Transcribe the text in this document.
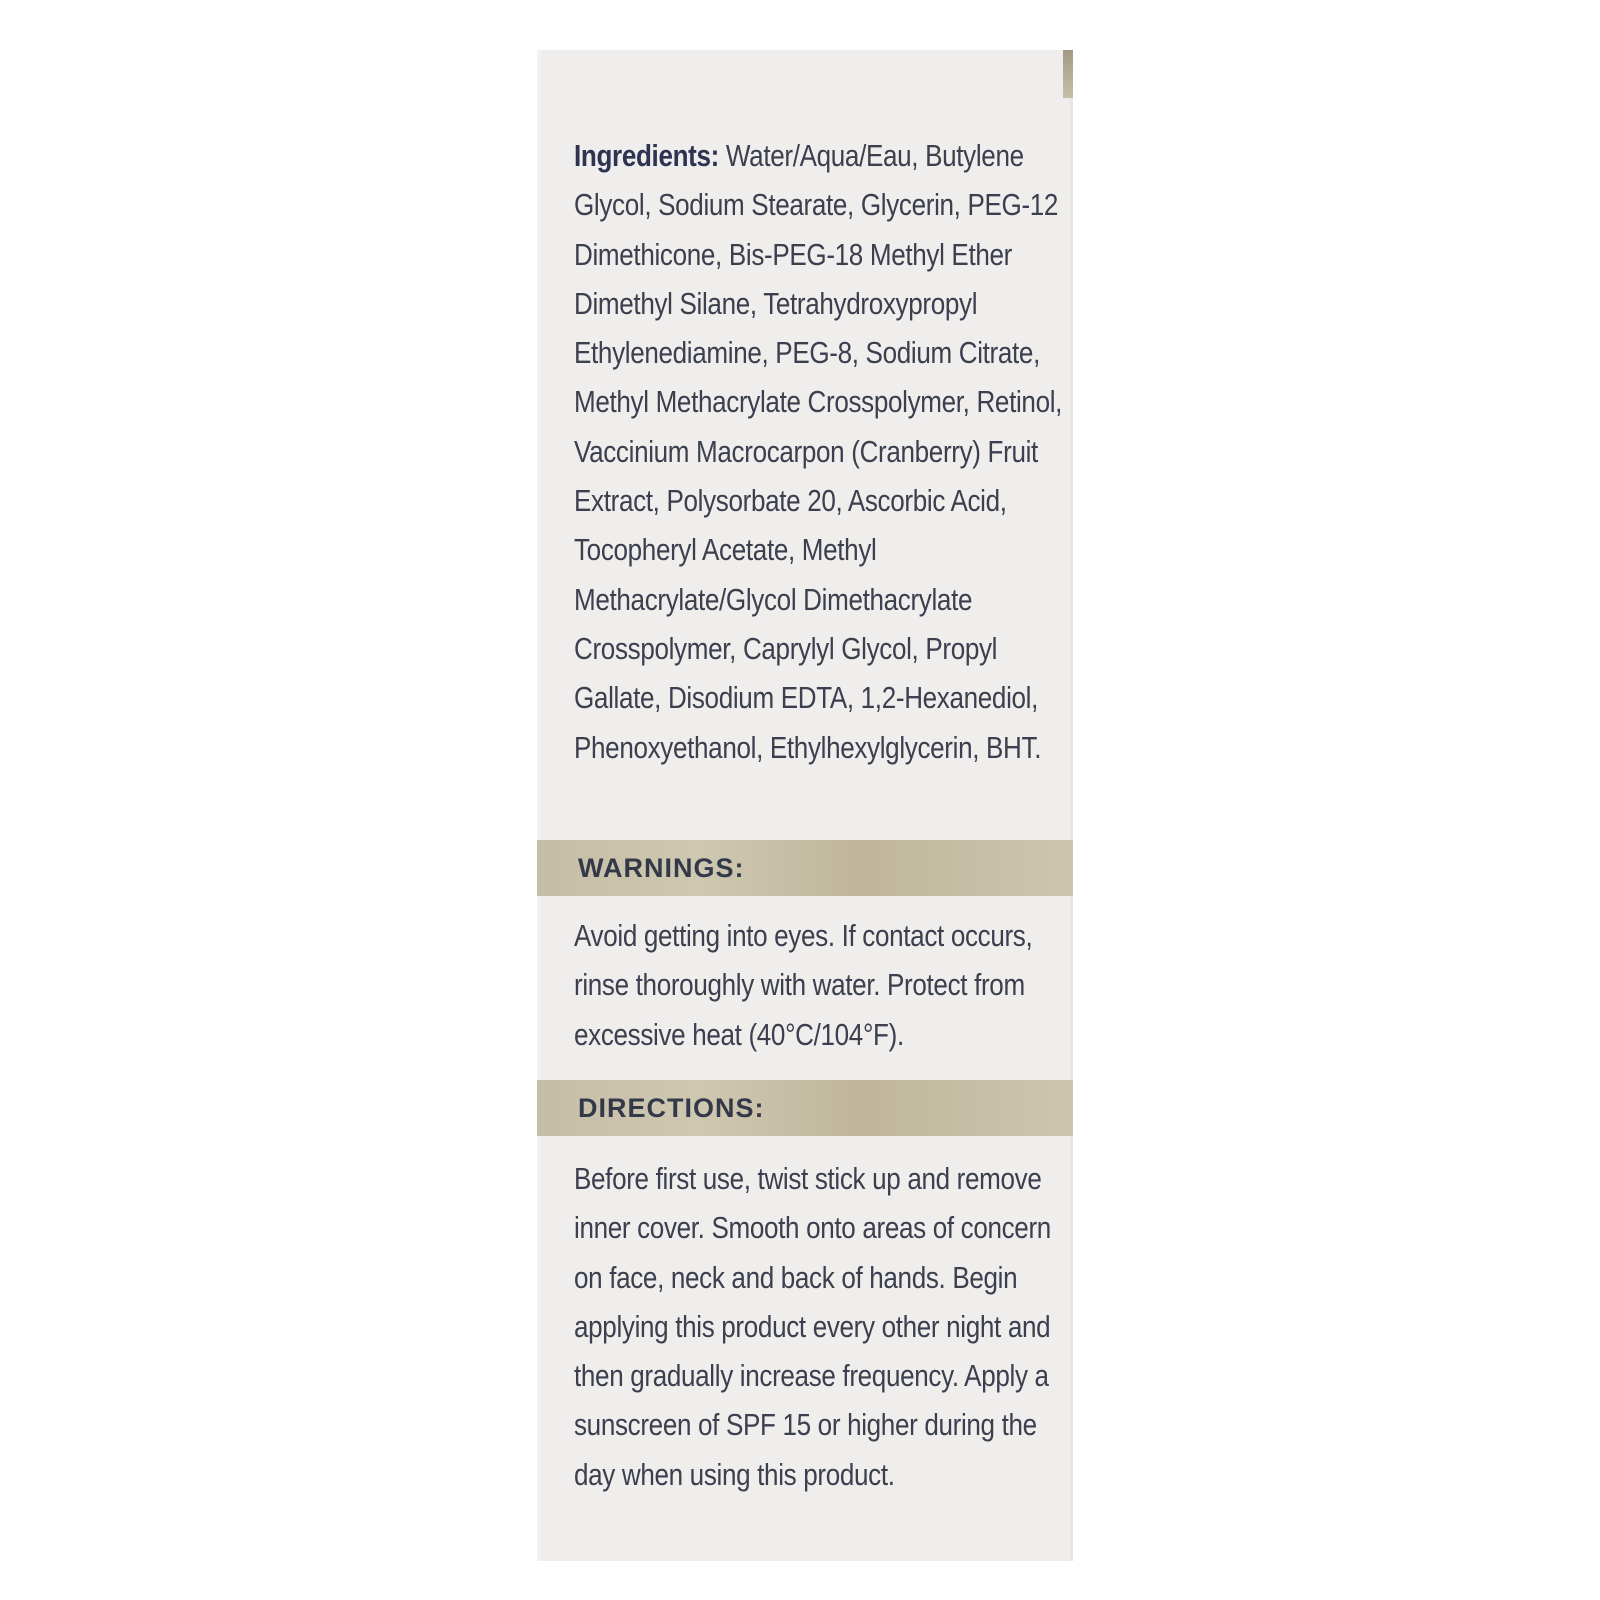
Ingredients: Water/Aqua/Eau, Butylene Glycol, Sodium Stearate, Glycerin, PEG-12 Dimethicone, Bis-PEG-18 Methyl Ether Dimethyl Silane, Tetrahydroxypropyl Ethylenediamine, PEG-8, Sodium Citrate, Methyl Methacrylate Crosspolymer, Retinol, Vaccinium Macrocarpon (Cranberry) Fruit Extract, Polysorbate 20, Ascorbic Acid, Tocopheryl Acetate, Methyl Methacrylate/Glycol Dimethacrylate Crosspolymer, Caprylyl Glycol, Propyl Gallate, Disodium EDTA, 1,2-Hexanediol, Phenoxyethanol, Ethylhexylglycerin, BHT.
WARNINGS:
Avoid getting into eyes. If contact occurs, rinse thoroughly with water. Protect from excessive heat (40°C/104°F).
DIRECTIONS:
Before first use, twist stick up and remove inner cover. Smooth onto areas of concern on face, neck and back of hands. Begin applying this product every other night and then gradually increase frequency. Apply a sunscreen of SPF 15 or higher during the day when using this product.
